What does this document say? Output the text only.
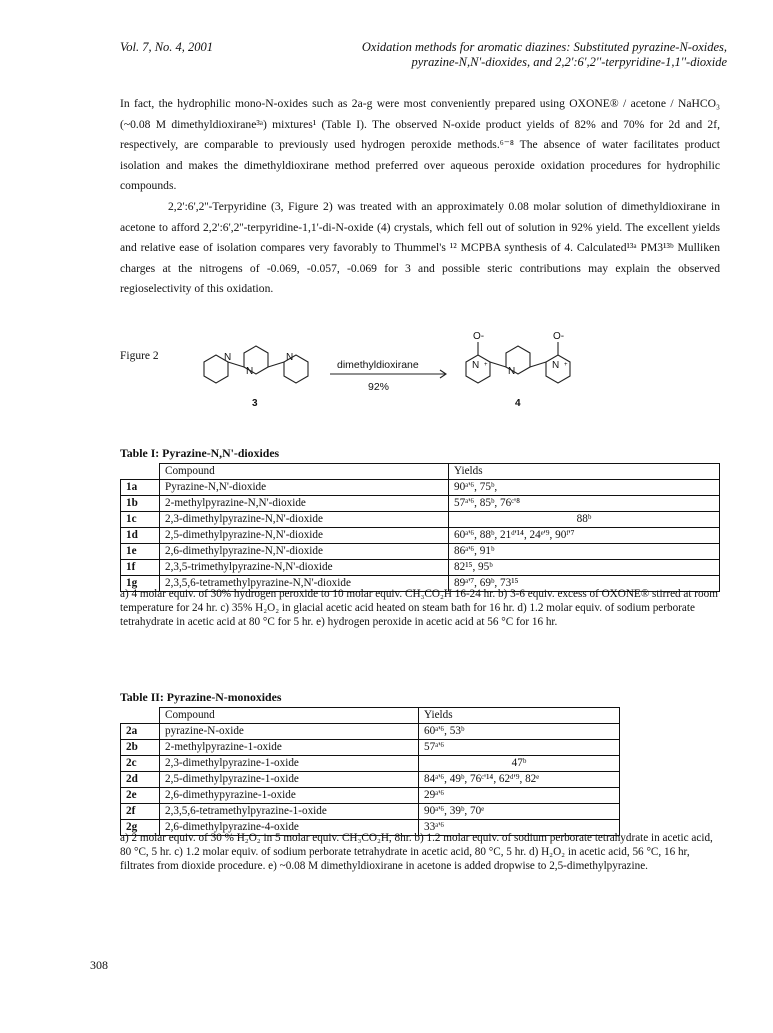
Vol. 7, No. 4, 2001	Oxidation methods for aromatic diazines: Substituted pyrazine-N-oxides,
pyrazine-N,N'-dioxides, and 2,2':6',2''-terpyridine-1,1''-dioxide

In fact, the hydrophilic mono-N-oxides such as 2a-g were most conveniently prepared using OXONE® / acetone / NaHCO₃ (~0.08 M dimethyldioxirane³ᵃ) mixtures¹ (Table I). The observed N-oxide product yields of 82% and 70% for 2d and 2f, respectively, are comparable to previously used hydrogen peroxide methods.⁶⁻⁸ The absence of water facilitates product isolation and makes the dimethyldioxirane method preferred over aqueous peroxide oxidation procedures for hydrophilic compounds.

2,2':6',2''-Terpyridine (3, Figure 2) was treated with an approximately 0.08 molar solution of dimethyldioxirane in acetone to afford 2,2':6',2''-terpyridine-1,1'-di-N-oxide (4) crystals, which fell out of solution in 92% yield. The excellent yields and relative ease of isolation compares very favorably to Thummel's ¹² MCPBA synthesis of 4. Calculated¹³ᵃ PM3¹³ᵇ Mulliken charges at the nitrogens of -0.069, -0.057, -0.069 for 3 and possible steric contributions may explain the observed regioselectivity of this oxidation.

Figure 2	N
N
N
N
N
N
O-	O-
+	+
dimethyldioxirane
92%
3	4
Table I: Pyrazine-N,N'-dioxides
	Compound	Yields
1a	Pyrazine-N,N'-dioxide	90ᵃ'⁶, 75ᵇ,
1b	2-methylpyrazine-N,N'-dioxide	57ᵃ'⁶, 85ᵇ, 76ᶜ'⁸
1c	2,3-dimethylpyrazine-N,N'-dioxide	88ᵇ
1d	2,5-dimethylpyrazine-N,N'-dioxide	60ᵃ'⁶, 88ᵇ, 21ᵈ'¹⁴, 24ᵉ'⁹, 90ᶠ'⁷
1e	2,6-dimethylpyrazine-N,N'-dioxide	86ᵃ'⁶, 91ᵇ
1f	2,3,5-trimethylpyrazine-N,N'-dioxide	82¹⁵, 95ᵇ
1g	2,3,5,6-tetramethylpyrazine-N,N'-dioxide	89ᵃ'⁷, 69ᵇ, 73¹⁵
a) 4 molar equiv. of 30% hydrogen peroxide to 10 molar equiv. CH₃CO₂H 16-24 hr. b) 3-6 equiv. excess of OXONE® stirred at room temperature for 24 hr. c) 35% H₂O₂ in glacial acetic acid heated on steam bath for 16 hr. d) 1.2 molar equiv. of sodium perborate tetrahydrate in acetic acid at 80 °C for 5 hr. e) hydrogen peroxide in acetic acid at 56 °C for 16 hr.
Table II: Pyrazine-N-monoxides
	Compound	Yields
2a	pyrazine-N-oxide	60ᵃ'⁶, 53ᵇ
2b	2-methylpyrazine-1-oxide	57ᵃ'⁶
2c	2,3-dimethylpyrazine-1-oxide	47ᵇ
2d	2,5-dimethylpyrazine-1-oxide	84ᵃ'⁶, 49ᵇ, 76ᶜ'¹⁴, 62ᵈ'⁹, 82ᵉ
2e	2,6-dimethypyrazine-1-oxide	29ᵃ'⁶
2f	2,3,5,6-tetramethylpyrazine-1-oxide	90ᵃ'⁶, 39ᵇ, 70ᵉ
2g	2,6-dimethylpyrazine-4-oxide	33ᵃ'⁶
a) 2 molar equiv. of 30 % H₂O₂ in 5 molar equiv. CH₃CO₂H, 8hr. b) 1.2 molar equiv. of sodium perborate tetrahydrate in acetic acid, 80 °C, 5 hr. c) 1.2 molar equiv. of sodium perborate tetrahydrate in acetic acid, 80 °C, 5 hr. d) H₂O₂ in acetic acid, 56 °C, 16 hr, filtrates from dioxide procedure. e) ~0.08 M dimethyldioxirane in acetone is added dropwise to 2,5-dimethylpyrazine.
308
